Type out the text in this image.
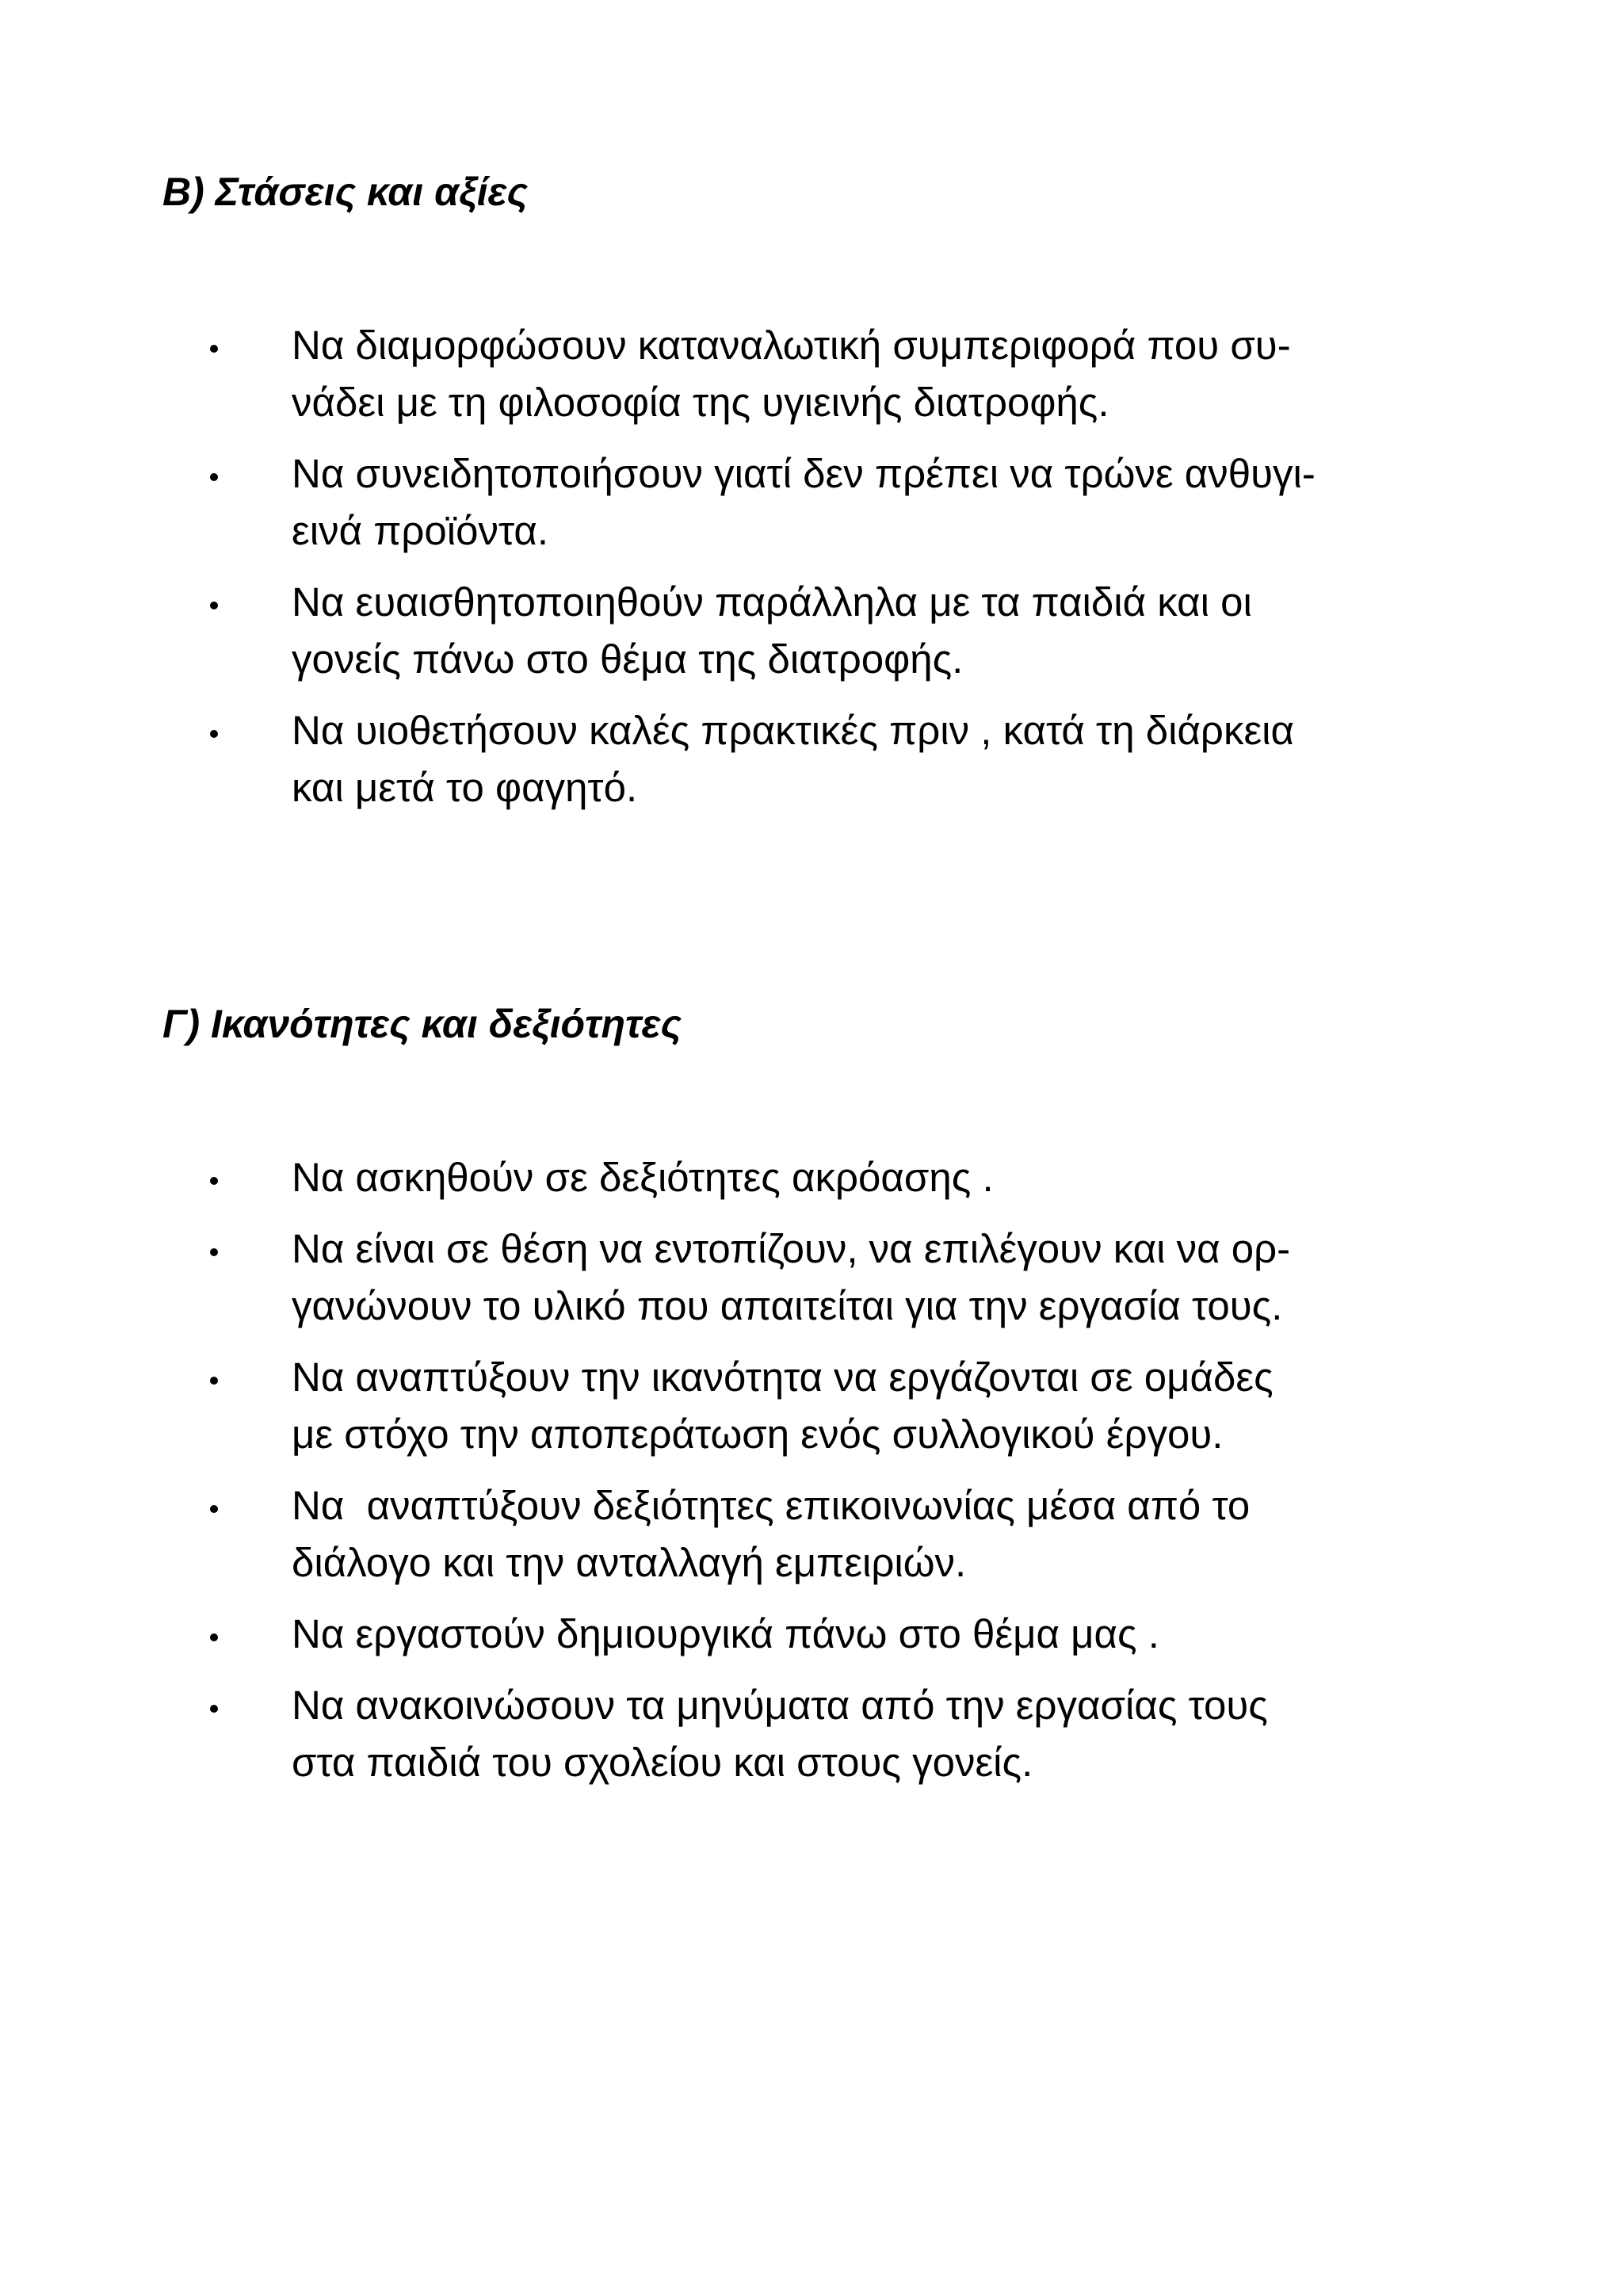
Β) Στάσεις και αξίες
Να διαμορφώσουν καταναλωτική συμπεριφορά που συ-
νάδει με τη φιλοσοφία της υγιεινής διατροφής.
Να συνειδητοποιήσουν γιατί δεν πρέπει να τρώνε ανθυγι-
εινά προϊόντα.
Να ευαισθητοποιηθούν παράλληλα με τα παιδιά και οι
γονείς πάνω στο θέμα της διατροφής.
Να υιοθετήσουν καλές πρακτικές πριν , κατά τη διάρκεια
και μετά το φαγητό.
Γ) Ικανότητες και δεξιότητες
Να ασκηθούν σε δεξιότητες ακρόασης .
Να είναι σε θέση να εντοπίζουν, να επιλέγουν και να ορ-
γανώνουν το υλικό που απαιτείται για την εργασία τους.
Να αναπτύξουν την ικανότητα να εργάζονται σε ομάδες
με στόχο την αποπεράτωση ενός συλλογικού έργου.
Να  αναπτύξουν δεξιότητες επικοινωνίας μέσα από το
διάλογο και την ανταλλαγή εμπειριών.
Να εργαστούν δημιουργικά πάνω στο θέμα μας .
Να ανακοινώσουν τα μηνύματα από την εργασίας τους
στα παιδιά του σχολείου και στους γονείς.
